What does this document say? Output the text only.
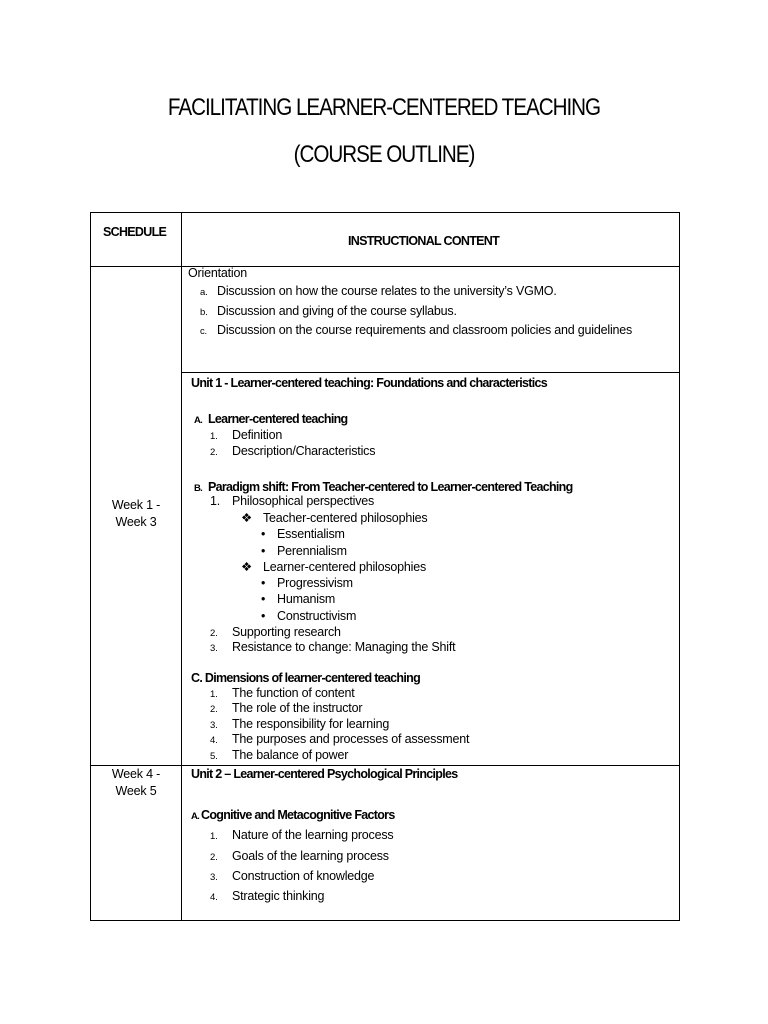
FACILITATING LEARNER-CENTERED TEACHING
(COURSE OUTLINE)
SCHEDULE
INSTRUCTIONAL CONTENT
Orientation
a. Discussion on how the course relates to the university’s VGMO.
b. Discussion and giving of the course syllabus.
c. Discussion on the course requirements and classroom policies and guidelines
Week 1 -
Week 3
Unit 1 - Learner-centered teaching: Foundations and characteristics
A. Learner-centered teaching
1. Definition
2. Description/Characteristics
B. Paradigm shift: From Teacher-centered to Learner-centered Teaching
1. Philosophical perspectives
❖ Teacher-centered philosophies
• Essentialism
• Perennialism
❖ Learner-centered philosophies
• Progressivism
• Humanism
• Constructivism
2. Supporting research
3. Resistance to change: Managing the Shift
C. Dimensions of learner-centered teaching
1. The function of content
2. The role of the instructor
3. The responsibility for learning
4. The purposes and processes of assessment
5. The balance of power
Week 4 -
Week 5
Unit 2 – Learner-centered Psychological Principles
A. Cognitive and Metacognitive Factors
1. Nature of the learning process
2. Goals of the learning process
3. Construction of knowledge
4. Strategic thinking
